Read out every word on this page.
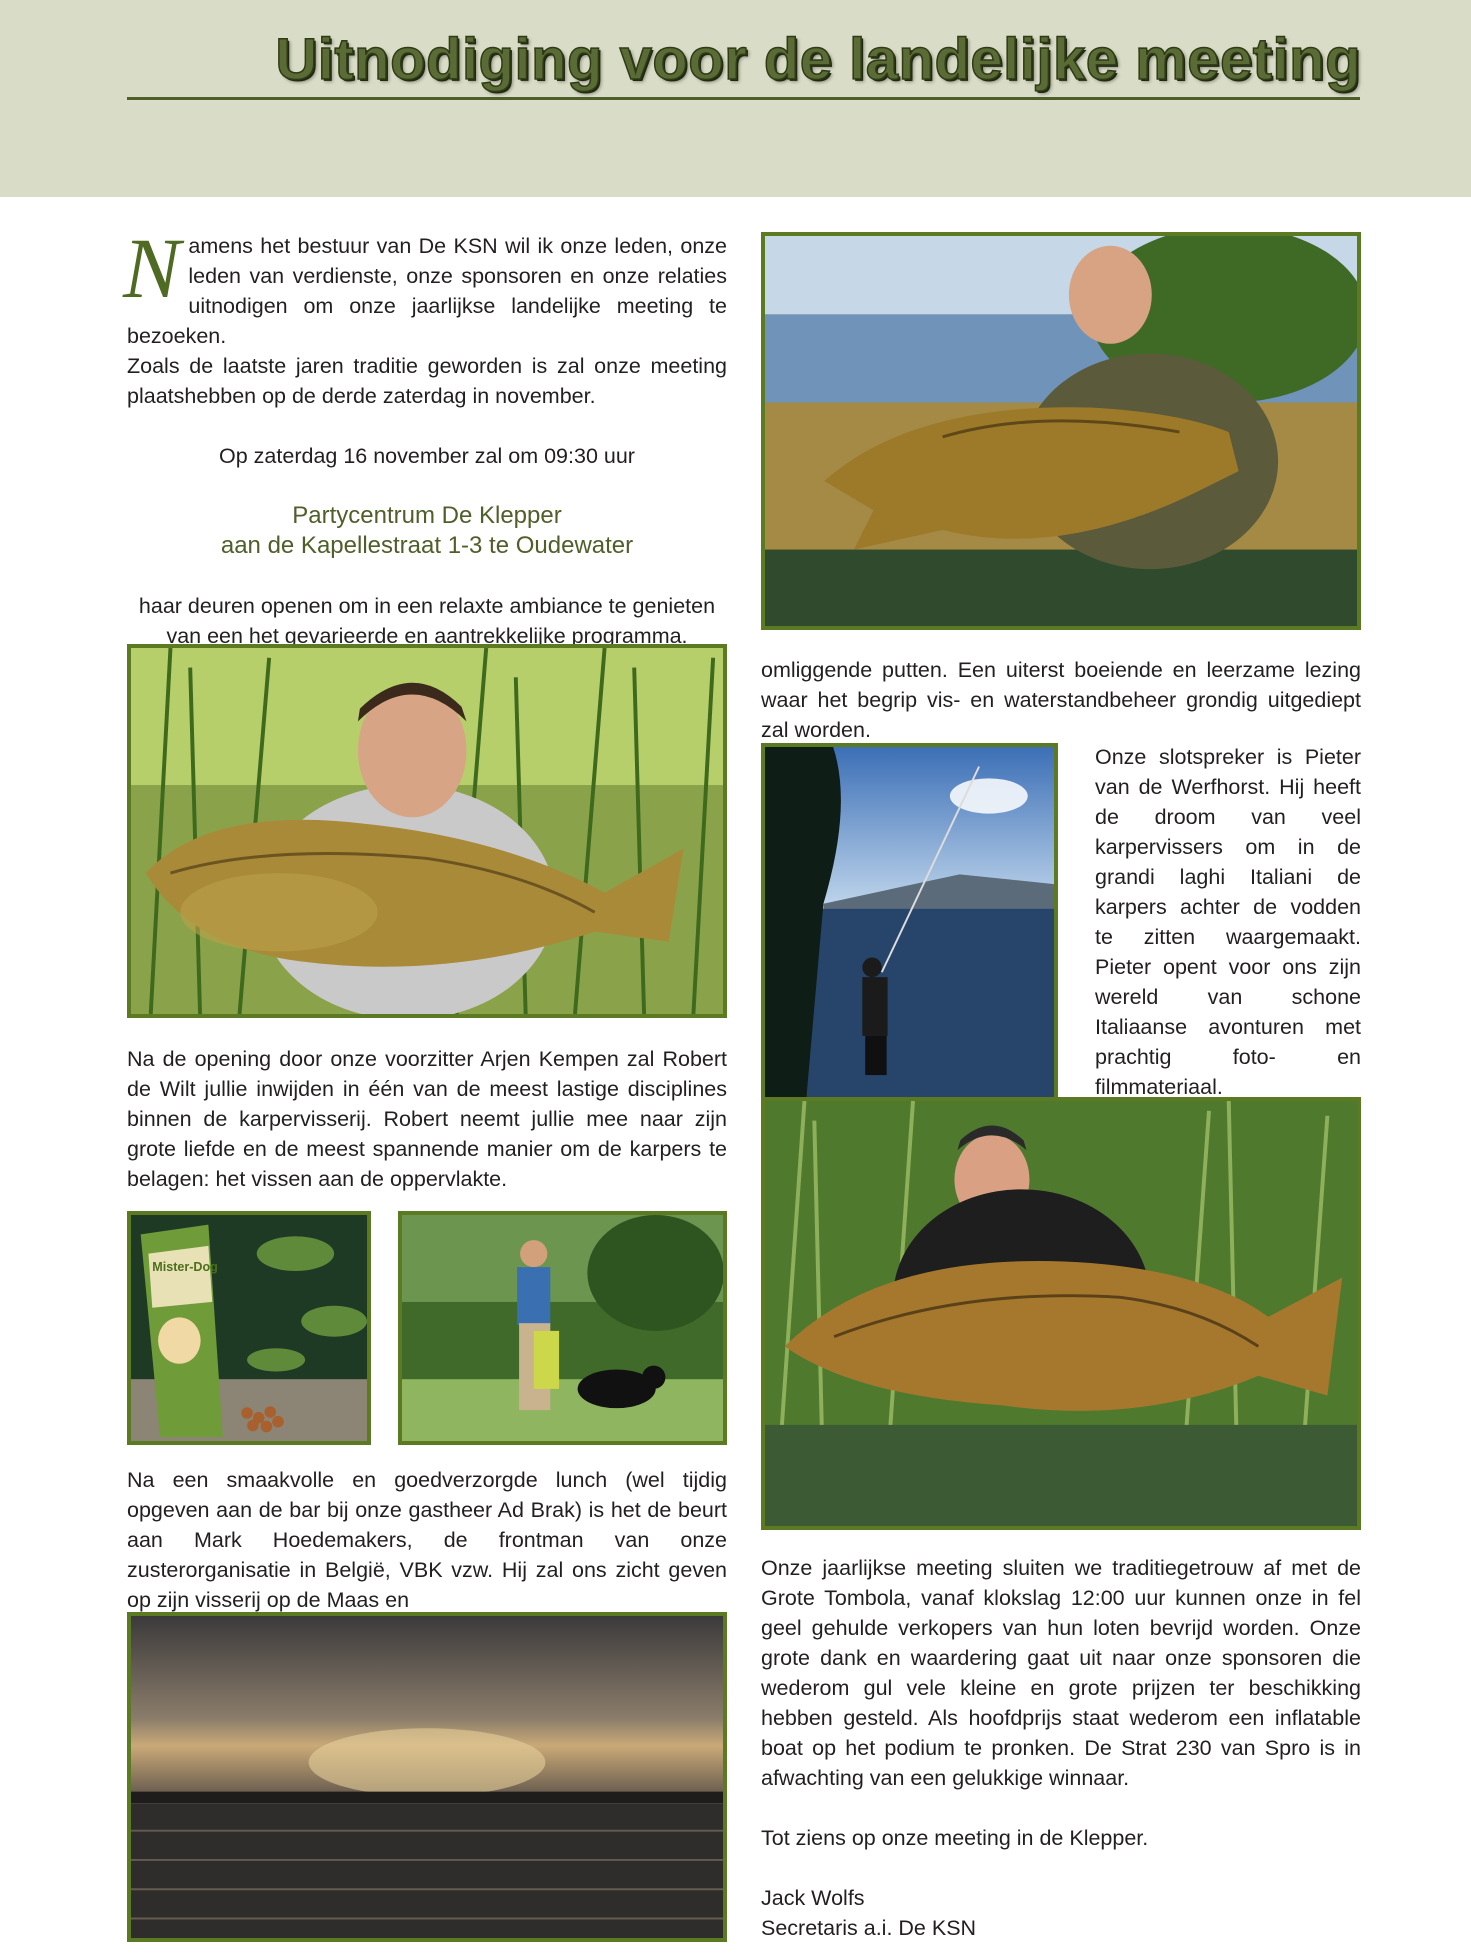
Uitnodiging voor de landelijke meeting
N amens het bestuur van De KSN wil ik onze leden, onze leden van verdienste, onze sponsoren en onze relaties uitnodigen om onze jaarlijkse landelijke meeting te bezoeken.

Zoals de laatste jaren traditie geworden is zal onze meeting plaatshebben op de derde zaterdag in november.

Op zaterdag 16 november zal om 09:30 uur

Partycentrum De Klepper

aan de Kapellestraat 1-3 te Oudewater

haar deuren openen om in een relaxte ambiance te genieten van een het gevarieerde en aantrekkelijke programma.

Na de opening door onze voorzitter Arjen Kempen zal Robert de Wilt jullie inwijden in één van de meest lastige disciplines binnen de karpervisserij. Robert neemt jullie mee naar zijn grote liefde en de meest spannende manier om de karpers te belagen: het vissen aan de oppervlakte.

Mister-Dog

Na een smaakvolle en goedverzorgde lunch (wel tijdig opgeven aan de bar bij onze gastheer Ad Brak) is het de beurt aan Mark Hoedemakers, de frontman van onze zusterorganisatie in België, VBK vzw. Hij zal ons zicht geven op zijn visserij op de Maas en

omliggende putten. Een uiterst boeiende en leerzame lezing waar het begrip vis- en waterstandbeheer grondig uitgediept zal worden.

Onze slotspreker is Pieter van de Werfhorst. Hij heeft de droom van veel karpervissers om in de grandi laghi Italiani de karpers achter de vodden te zitten waargemaakt. Pieter opent voor ons zijn wereld van schone Italiaanse avonturen met prachtig foto- en filmmateriaal.

Onze jaarlijkse meeting sluiten we traditiegetrouw af met de Grote Tombola, vanaf klokslag 12:00 uur kunnen onze in fel geel gehulde verkopers van hun loten bevrijd worden. Onze grote dank en waardering gaat uit naar onze sponsoren die wederom gul vele kleine en grote prijzen ter beschikking hebben gesteld. Als hoofdprijs staat wederom een inflatable boat op het podium te pronken. De Strat 230 van Spro is in afwachting van een gelukkige winnaar.

Tot ziens op onze meeting in de Klepper.

Jack Wolfs

Secretaris a.i. De KSN
